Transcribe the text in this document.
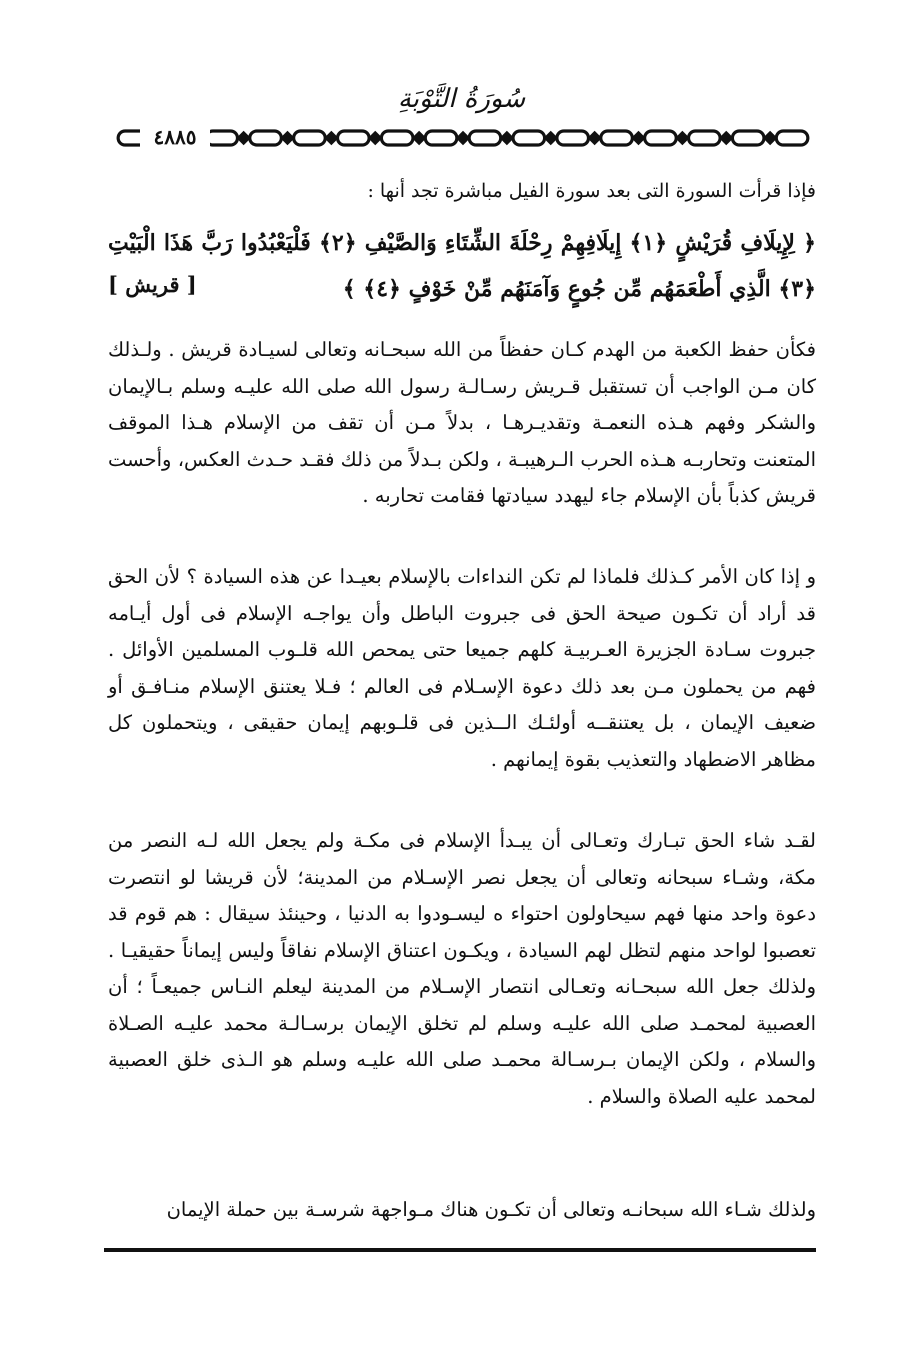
سُورَةُ التَّوْبَةِ
٤٨٨٥
فإذا قرأت السورة التى بعد سورة الفيل مباشرة تجد أنها :
﴿ لِإِيلَافِ قُرَيْشٍ ﴿١﴾ إِيلَافِهِمْ رِحْلَةَ الشِّتَاءِ وَالصَّيْفِ ﴿٢﴾ فَلْيَعْبُدُوا رَبَّ هَذَا الْبَيْتِ ﴿٣﴾ الَّذِي أَطْعَمَهُم مِّن جُوعٍ وَآمَنَهُم مِّنْ خَوْفٍ ﴿٤﴾ ﴾
[ قريش ]
فكأن حفظ الكعبة من الهدم كـان حفظاً من الله سبحـانه وتعالى لسيـادة قريش . ولـذلك كان مـن الواجب أن تستقبل قـريش رسـالـة رسول الله صلى الله عليـه وسلم بـالإيمان والشكر وفهم هـذه النعمـة وتقديـرهـا ، بدلاً مـن أن تقف من الإسلام هـذا الموقف المتعنت وتحاربـه هـذه الحرب الـرهيبـة ، ولكن بـدلاً من ذلك فقـد حـدث العكس، وأحست قريش كذباً بأن الإسلام جاء ليهدد سيادتها فقامت تحاربه .
و إذا كان الأمر كـذلك فلماذا لم تكن النداءات بالإسلام بعيـدا عن هذه السيادة ؟ لأن الحق قد أراد أن تكـون صيحة الحق فى جبروت الباطل وأن يواجـه الإسلام فى أول أيـامه جبروت سـادة الجزيرة العـربيـة كلهم جميعا حتى يمحص الله قلـوب المسلمين الأوائل . فهم من يحملون مـن بعد ذلك دعوة الإسـلام فى العالم ؛ فـلا يعتنق الإسلام منـافـق أو ضعيف الإيمان ، بل يعتنقــه أولئـك الــذين فى قلـوبهم إيمان حقيقى ، ويتحملون كل مظاهر الاضطهاد والتعذيب بقوة إيمانهم .
لقـد شاء الحق تبـارك وتعـالى أن يبـدأ الإسلام فى مكـة ولم يجعل الله لـه النصر من مكة، وشـاء سبحانه وتعالى أن يجعل نصر الإسـلام من المدينة؛ لأن قريشا لو انتصرت دعوة واحد منها فهم سيحاولون احتواء ه ليسـودوا به الدنيا ، وحينئذ سيقال : هم قوم قد تعصبوا لواحد منهم لتظل لهم السيادة ، ويكـون اعتناق الإسلام نفاقاً وليس إيماناً حقيقيـا . ولذلك جعل الله سبحـانه وتعـالى انتصار الإسـلام من المدينة ليعلم النـاس جميعـاً ؛ أن العصبية لمحمـد صلى الله عليـه وسلم لم تخلق الإيمان برسـالـة محمد عليـه الصـلاة والسلام ، ولكن الإيمان بـرسـالة محمـد صلى الله عليـه وسلم هو الـذى خلق العصبية لمحمد عليه الصلاة والسلام .
ولذلك شـاء الله سبحانـه وتعالى أن تكـون هناك مـواجهة شرسـة بين حملة الإيمان
